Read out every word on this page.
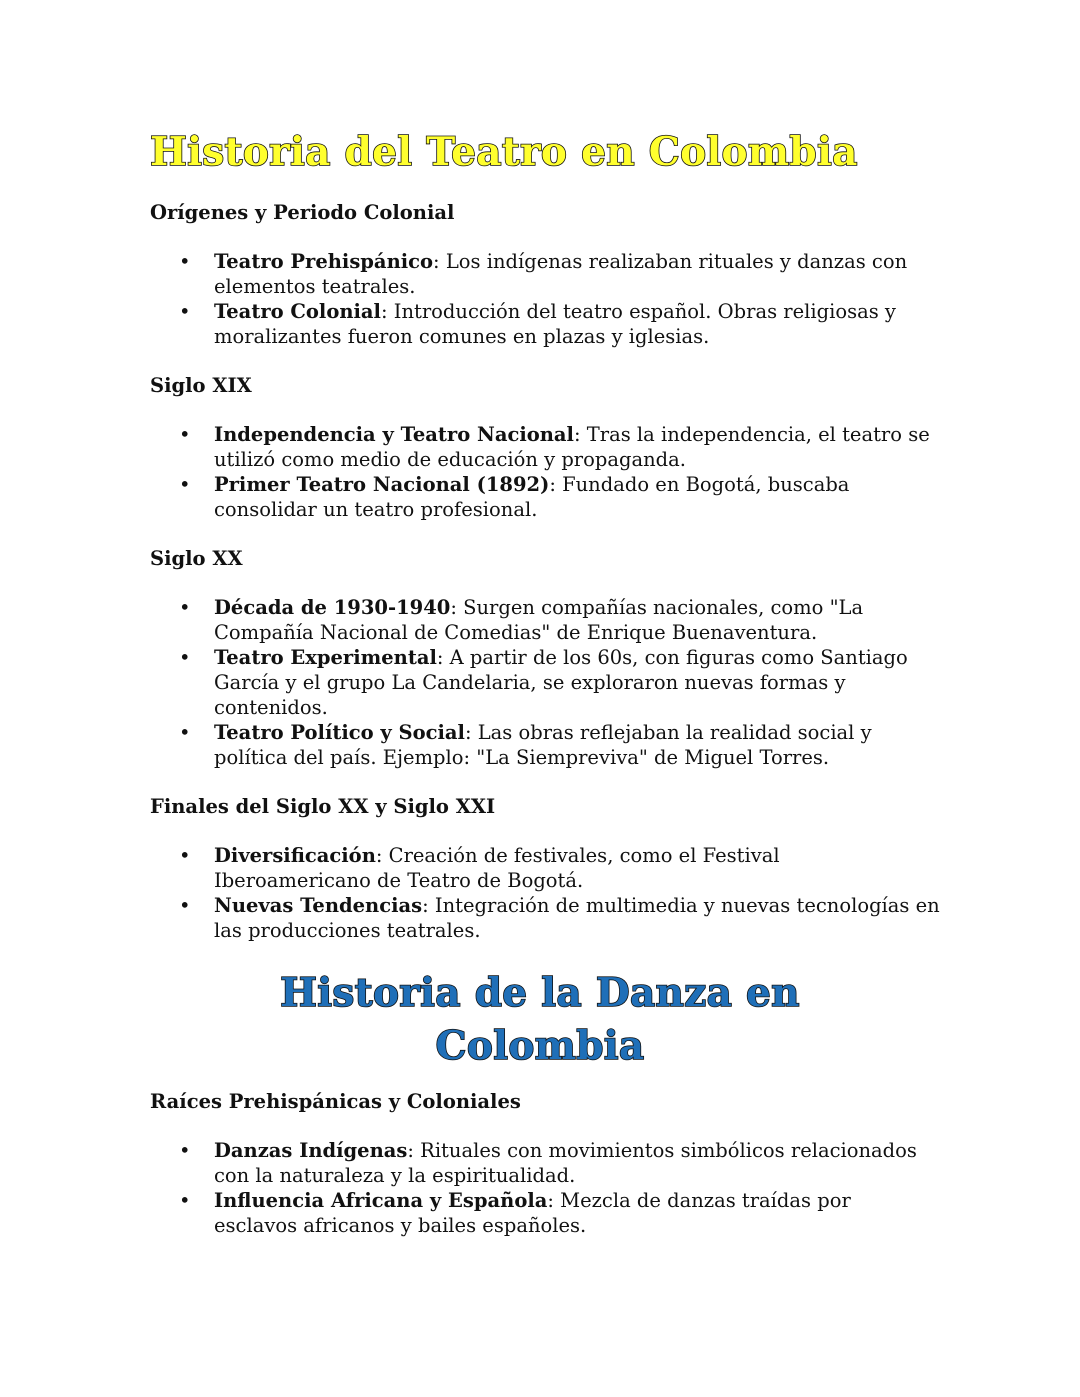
Historia del Teatro en Colombia

Orígenes y Periodo Colonial

• Teatro Prehispánico: Los indígenas realizaban rituales y danzas con elementos teatrales.
• Teatro Colonial: Introducción del teatro español. Obras religiosas y moralizantes fueron comunes en plazas y iglesias.

Siglo XIX

• Independencia y Teatro Nacional: Tras la independencia, el teatro se utilizó como medio de educación y propaganda.
• Primer Teatro Nacional (1892): Fundado en Bogotá, buscaba consolidar un teatro profesional.

Siglo XX

• Década de 1930-1940: Surgen compañías nacionales, como "La Compañía Nacional de Comedias" de Enrique Buenaventura.
• Teatro Experimental: A partir de los 60s, con figuras como Santiago García y el grupo La Candelaria, se exploraron nuevas formas y contenidos.
• Teatro Político y Social: Las obras reflejaban la realidad social y política del país. Ejemplo: "La Siempreviva" de Miguel Torres.

Finales del Siglo XX y Siglo XXI

• Diversificación: Creación de festivales, como el Festival Iberoamericano de Teatro de Bogotá.
• Nuevas Tendencias: Integración de multimedia y nuevas tecnologías en las producciones teatrales.
Historia de la Danza en
Colombia

Raíces Prehispánicas y Coloniales

• Danzas Indígenas: Rituales con movimientos simbólicos relacionados con la naturaleza y la espiritualidad.
• Influencia Africana y Española: Mezcla de danzas traídas por esclavos africanos y bailes españoles.
